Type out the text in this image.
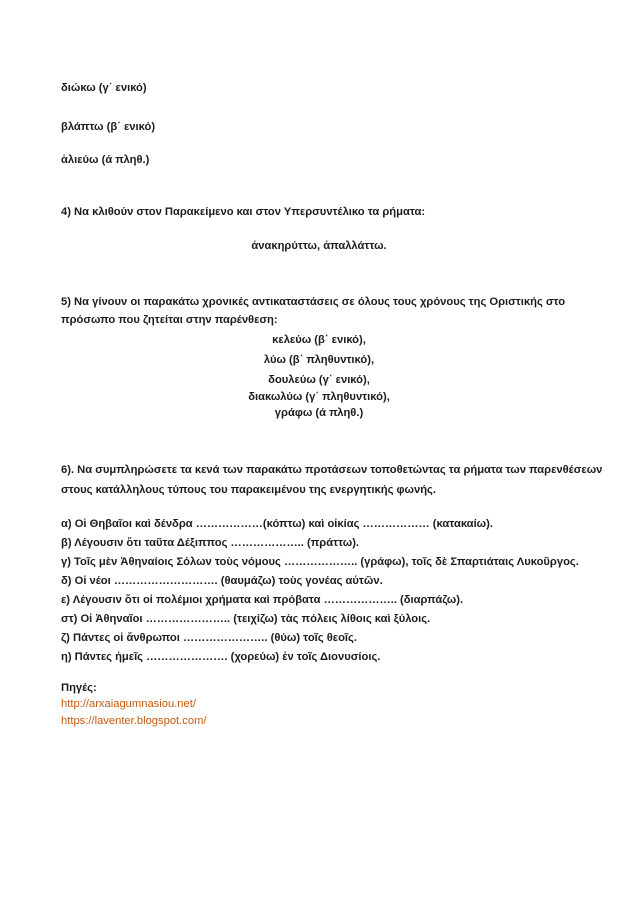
διώκω (γ΄ ενικό)
βλάπτω (β΄ ενικό)
ἁλιεύω (ά πληθ.)
4) Να κλιθούν στον Παρακείμενο και στον Υπερσυντέλικο τα ρήματα:
ἀνακηρύττω, ἀπαλλάττω.
5) Να γίνουν οι παρακάτω χρονικές αντικαταστάσεις σε όλους τους χρόνους της Οριστικής στο
πρόσωπο που ζητείται στην παρένθεση:
κελεύω (β΄ ενικό),
λύω (β΄ πληθυντικό),
δουλεύω (γ΄ ενικό),
διακωλύω (γ΄ πληθυντικό),
γράφω (ά πληθ.)
6). Να συμπληρώσετε τα κενά των παρακάτω προτάσεων τοποθετώντας τα ρήματα των παρενθέσεων
στους κατάλληλους τύπους του παρακειμένου της ενεργητικής φωνής.
α) Οἱ Θηβαῖοι καὶ δένδρα ………………(κόπτω) καὶ οἰκίας ……………… (κατακαίω).
β) Λέγουσιν ὅτι ταῦτα Δέξιππος ……………….. (πράττω).
γ) Τοῖς μὲν Ἀθηναίοις Σόλων τοὺς νόμους ……………….. (γράφω), τοῖς δὲ Σπαρτιάταις Λυκοῦργος.
δ) Οἱ νέοι ………………………. (θαυμάζω) τοὺς γονέας αὐτῶν.
ε) Λέγουσιν ὅτι οἱ πολέμιοι χρήματα καὶ πρόβατα ……………….. (διαρπάζω).
στ) Οἱ Ἀθηναῖοι ………………….. (τειχίζω) τὰς πόλεις λίθοις καὶ ξύλοις.
ζ) Πάντες οἱ ἄνθρωποι ………………….. (θύω) τοῖς θεοῖς.
η) Πάντες ἡμεῖς …………………. (χορεύω) ἐν τοῖς Διονυσίοις.
Πηγές:
http://arxaiagumnasiou.net/
https://laventer.blogspot.com/
